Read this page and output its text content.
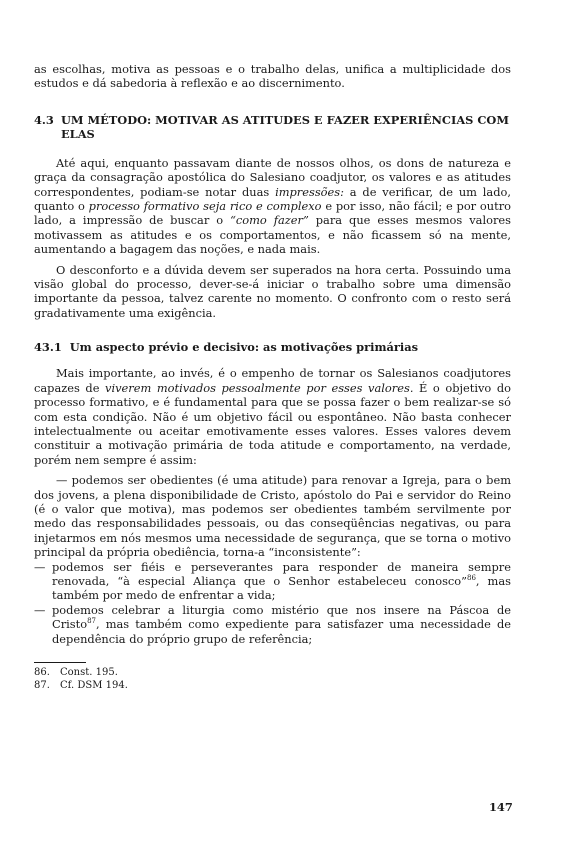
as escolhas, motiva as pessoas e o trabalho delas, unifica a multiplicidade dos estudos e dá sabedoria à reflexão e ao discernimento.

4.3 UM MÉTODO: MOTIVAR AS ATITUDES E FAZER EXPERIÊNCIAS COM ELAS

Até aqui, enquanto passavam diante de nossos olhos, os dons de natureza e graça da consagração apostólica do Salesiano coadjutor, os valores e as atitudes correspondentes, podiam-se notar duas impressões: a de verificar, de um lado, quanto o processo formativo seja rico e complexo e por isso, não fácil; e por outro lado, a impressão de buscar o “como fazer” para que esses mesmos valores motivassem as atitudes e os comportamentos, e não ficassem só na mente, aumentando a bagagem das noções, e nada mais.

O desconforto e a dúvida devem ser superados na hora certa. Possuindo uma visão global do processo, dever-se-á iniciar o trabalho sobre uma dimensão importante da pessoa, talvez carente no momento. O confronto com o resto será gradativamente uma exigência.

43.1 Um aspecto prévio e decisivo: as motivações primárias

Mais importante, ao invés, é o empenho de tornar os Salesianos coadjutores capazes de viverem motivados pessoalmente por esses valores. É o objetivo do processo formativo, e é fundamental para que se possa fazer o bem realizar-se só com esta condição. Não é um objetivo fácil ou espontâneo. Não basta conhecer intelectualmente ou aceitar emotivamente esses valores. Esses valores devem constituir a motivação primária de toda atitude e comportamento, na verdade, porém nem sempre é assim:

— podemos ser obedientes (é uma atitude) para renovar a Igreja, para o bem dos jovens, a plena disponibilidade de Cristo, apóstolo do Pai e servidor do Reino (é o valor que motiva), mas podemos ser obedientes também servilmente por medo das responsabilidades pessoais, ou das conseqüências negativas, ou para injetarmos em nós mesmos uma necessidade de segurança, que se torna o motivo principal da própria obediência, torna-a “inconsistente”:

— podemos ser fiéis e perseverantes para responder de maneira sempre renovada, “à especial Aliança que o Senhor estabeleceu conosco”$^{86}$, mas também por medo de enfrentar a vida;
— podemos celebrar a liturgia como mistério que nos insere na Páscoa de Cristo$^{87}$, mas também como expediente para satisfazer uma necessidade de dependência do próprio grupo de referência;
86. Const. 195.
87. Cf. DSM 194.
147
